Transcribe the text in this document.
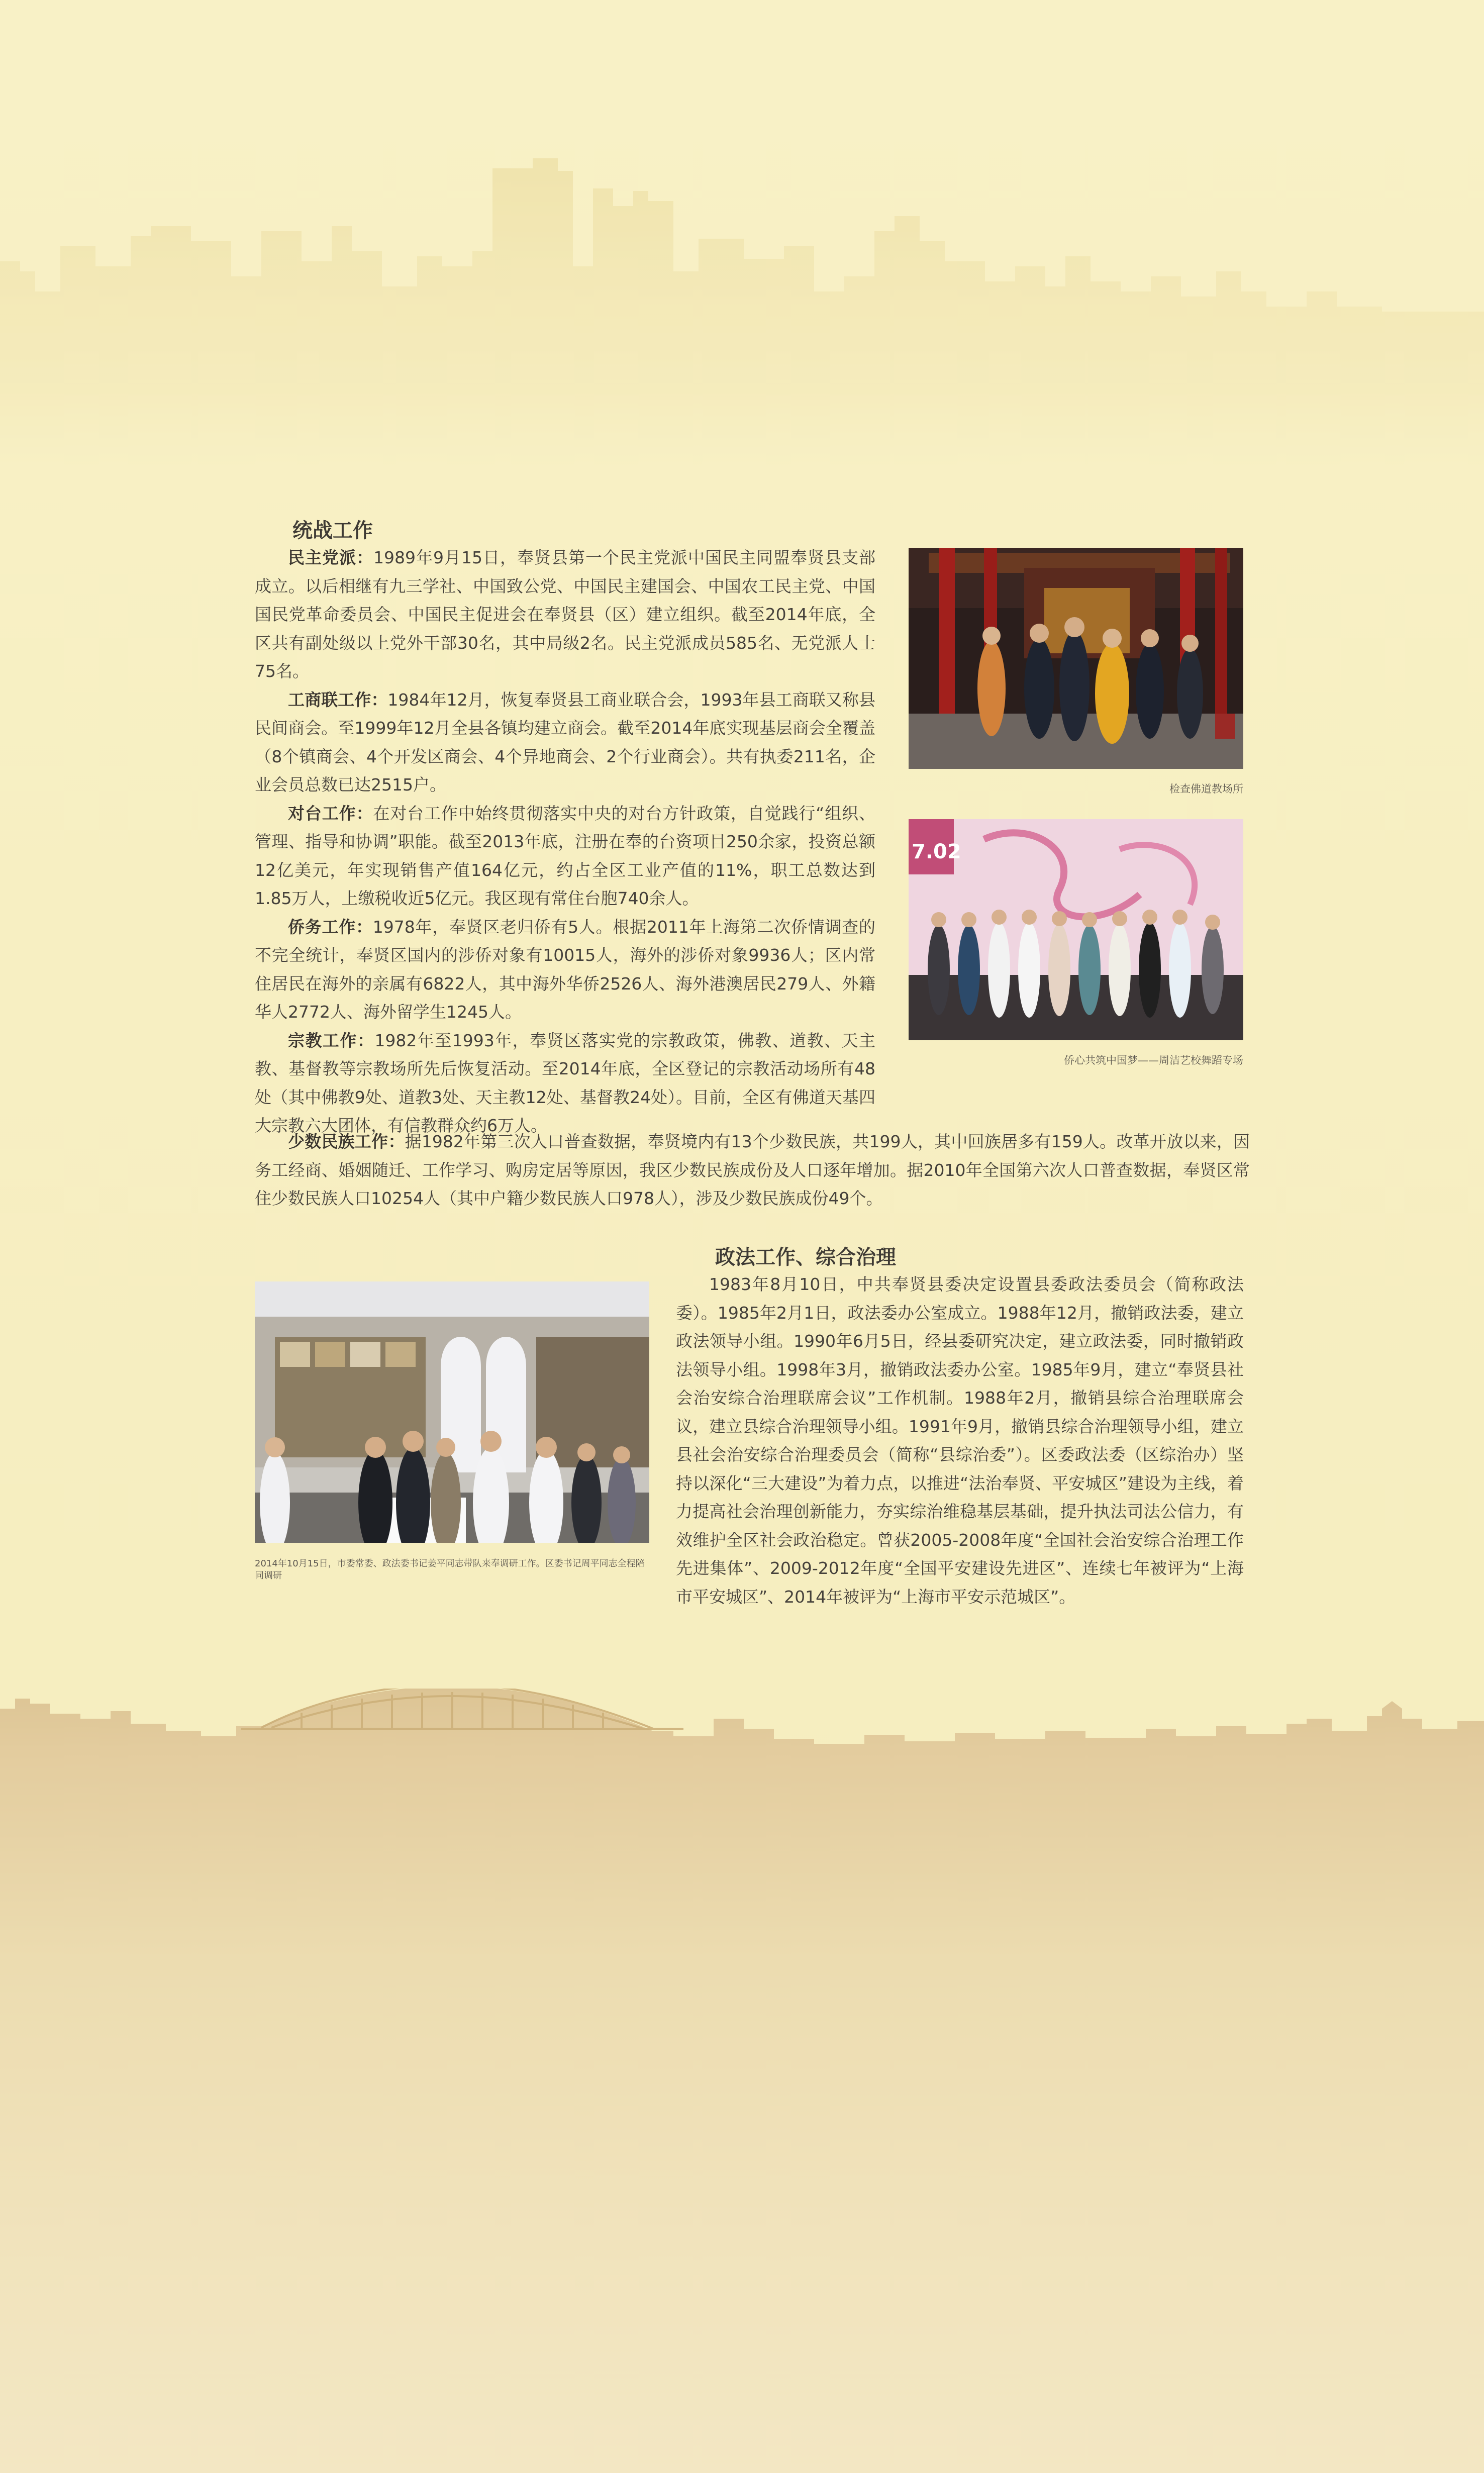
统战工作

民主党派：1989年9月15日，奉贤县第一个民主党派中国民主同盟奉贤县支部成立。以后相继有九三学社、中国致公党、中国民主建国会、中国农工民主党、中国国民党革命委员会、中国民主促进会在奉贤县（区）建立组织。截至2014年底，全区共有副处级以上党外干部30名，其中局级2名。民主党派成员585名、无党派人士75名。

工商联工作：1984年12月，恢复奉贤县工商业联合会，1993年县工商联又称县民间商会。至1999年12月全县各镇均建立商会。截至2014年底实现基层商会全覆盖（8个镇商会、4个开发区商会、4个异地商会、2个行业商会）。共有执委211名，企业会员总数已达2515户。

对台工作：在对台工作中始终贯彻落实中央的对台方针政策，自觉践行“组织、管理、指导和协调”职能。截至2013年底，注册在奉的台资项目250余家，投资总额12亿美元，年实现销售产值164亿元，约占全区工业产值的11%，职工总数达到1.85万人，上缴税收近5亿元。我区现有常住台胞740余人。

侨务工作：1978年，奉贤区老归侨有5人。根据2011年上海第二次侨情调查的不完全统计，奉贤区国内的涉侨对象有10015人，海外的涉侨对象9936人；区内常住居民在海外的亲属有6822人，其中海外华侨2526人、海外港澳居民279人、外籍华人2772人、海外留学生1245人。

宗教工作：1982年至1993年，奉贤区落实党的宗教政策，佛教、道教、天主教、基督教等宗教场所先后恢复活动。至2014年底，全区登记的宗教活动场所有48处（其中佛教9处、道教3处、天主教12处、基督教24处）。目前，全区有佛道天基四大宗教六大团体，有信教群众约6万人。

少数民族工作：据1982年第三次人口普查数据，奉贤境内有13个少数民族，共199人，其中回族居多有159人。改革开放以来，因务工经商、婚姻随迁、工作学习、购房定居等原因，我区少数民族成份及人口逐年增加。据2010年全国第六次人口普查数据，奉贤区常住少数民族人口10254人（其中户籍少数民族人口978人），涉及少数民族成份49个。

检查佛道教场所
7.02
侨心共筑中国梦——周洁艺校舞蹈专场
政法工作、综合治理

1983年8月10日，中共奉贤县委决定设置县委政法委员会（简称政法委）。1985年2月1日，政法委办公室成立。1988年12月，撤销政法委，建立政法领导小组。1990年6月5日，经县委研究决定，建立政法委，同时撤销政法领导小组。1998年3月，撤销政法委办公室。1985年9月，建立“奉贤县社会治安综合治理联席会议”工作机制。1988年2月，撤销县综合治理联席会议，建立县综合治理领导小组。1991年9月，撤销县综合治理领导小组，建立县社会治安综合治理委员会（简称“县综治委”）。区委政法委（区综治办）坚持以深化“三大建设”为着力点，以推进“法治奉贤、平安城区”建设为主线，着力提高社会治理创新能力，夯实综治维稳基层基础，提升执法司法公信力，有效维护全区社会政治稳定。曾获2005-2008年度“全国社会治安综合治理工作先进集体”、2009-2012年度“全国平安建设先进区”、连续七年被评为“上海市平安城区”、2014年被评为“上海市平安示范城区”。

2014年10月15日，市委常委、政法委书记姜平同志带队来奉调研工作。区委书记周平同志全程陪同调研
